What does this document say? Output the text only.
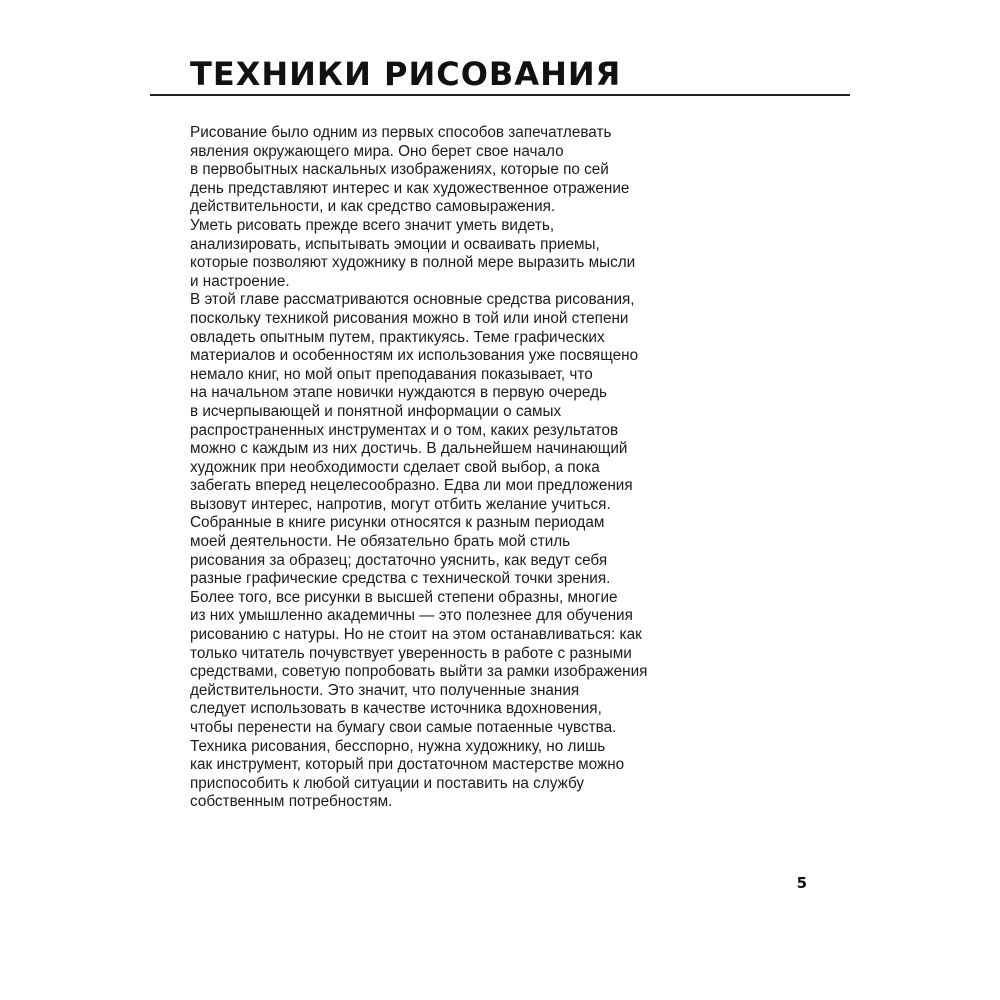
ТЕХНИКИ РИСОВАНИЯ
Рисование было одним из первых способов запечатлевать
явления окружающего мира. Оно берет свое начало
в первобытных наскальных изображениях, которые по сей
день представляют интерес и как художественное отражение
действительности, и как средство самовыражения.
Уметь рисовать прежде всего значит уметь видеть,
анализировать, испытывать эмоции и осваивать приемы,
которые позволяют художнику в полной мере выразить мысли
и настроение.
В этой главе рассматриваются основные средства рисования,
поскольку техникой рисования можно в той или иной степени
овладеть опытным путем, практикуясь. Теме графических
материалов и особенностям их использования уже посвящено
немало книг, но мой опыт преподавания показывает, что
на начальном этапе новички нуждаются в первую очередь
в исчерпывающей и понятной информации о самых
распространенных инструментах и о том, каких результатов
можно с каждым из них достичь. В дальнейшем начинающий
художник при необходимости сделает свой выбор, а пока
забегать вперед нецелесообразно. Едва ли мои предложения
вызовут интерес, напротив, могут отбить желание учиться.
Собранные в книге рисунки относятся к разным периодам
моей деятельности. Не обязательно брать мой стиль
рисования за образец; достаточно уяснить, как ведут себя
разные графические средства с технической точки зрения.
Более того, все рисунки в высшей степени образны, многие
из них умышленно академичны — это полезнее для обучения
рисованию с натуры. Но не стоит на этом останавливаться: как
только читатель почувствует уверенность в работе с разными
средствами, советую попробовать выйти за рамки изображения
действительности. Это значит, что полученные знания
следует использовать в качестве источника вдохновения,
чтобы перенести на бумагу свои самые потаенные чувства.
Техника рисования, бесспорно, нужна художнику, но лишь
как инструмент, который при достаточном мастерстве можно
приспособить к любой ситуации и поставить на службу
собственным потребностям.
5
